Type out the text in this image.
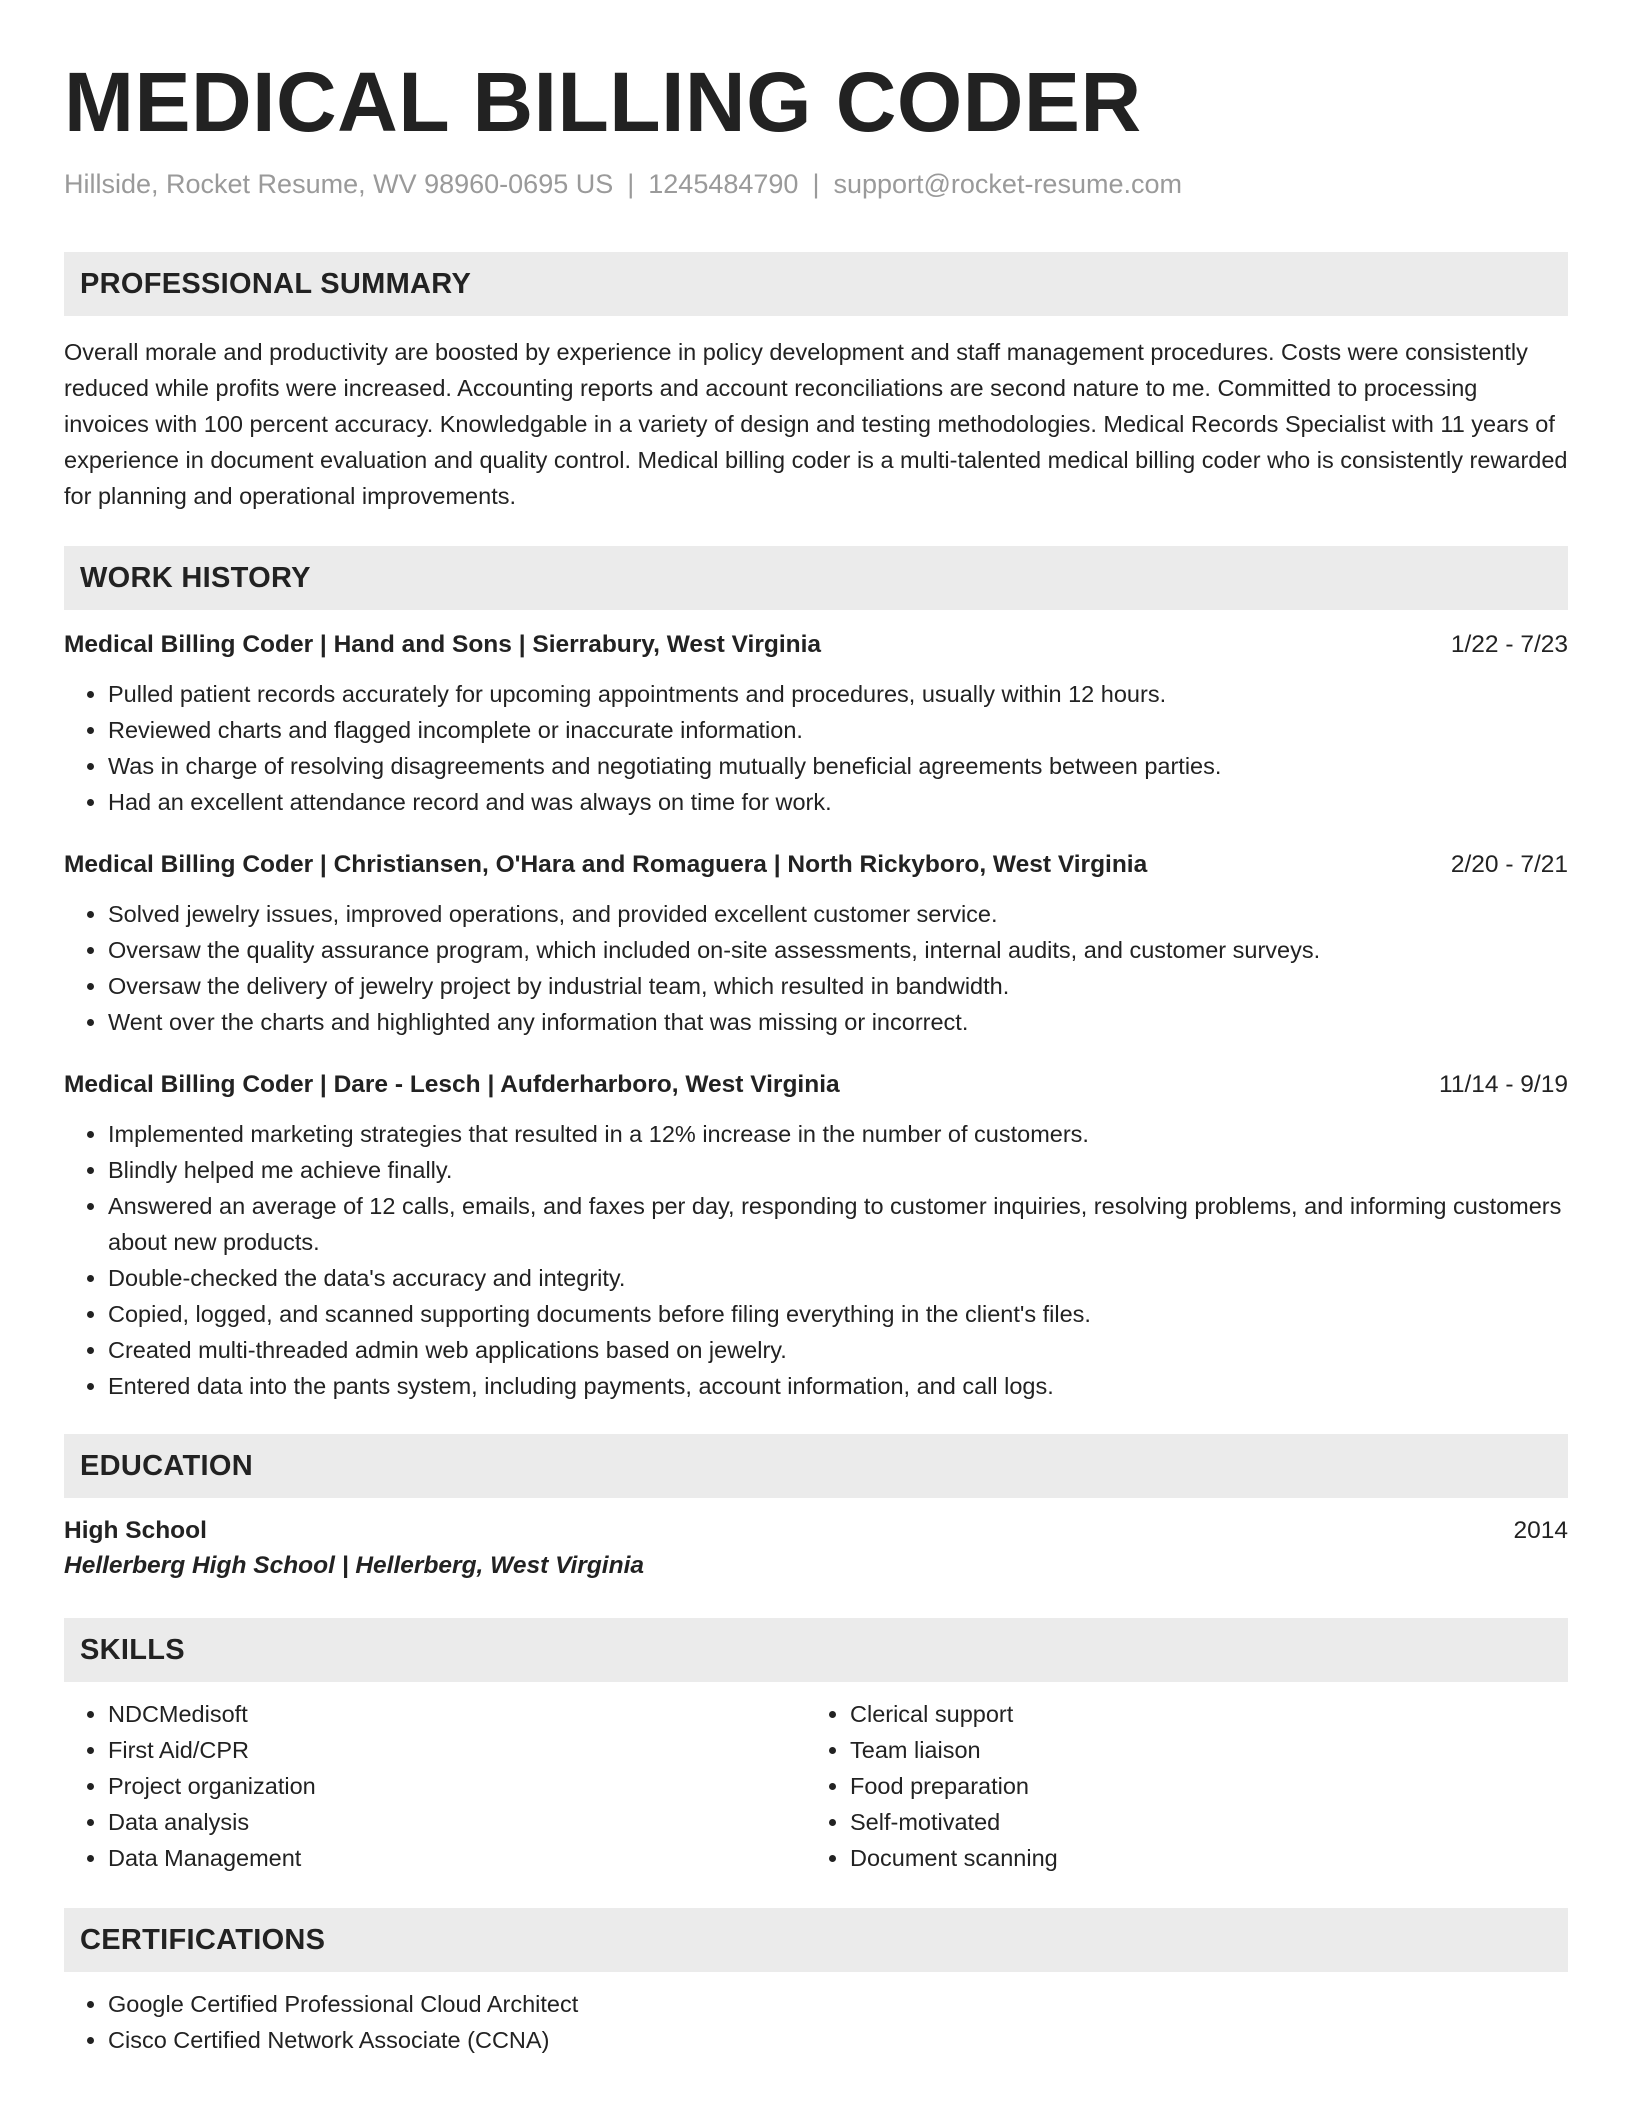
MEDICAL BILLING CODER
Hillside, Rocket Resume, WV 98960-0695 US | 1245484790 | support@rocket-resume.com
PROFESSIONAL SUMMARY
Overall morale and productivity are boosted by experience in policy development and staff management procedures. Costs were consistently reduced while profits were increased. Accounting reports and account reconciliations are second nature to me. Committed to processing invoices with 100 percent accuracy. Knowledgable in a variety of design and testing methodologies. Medical Records Specialist with 11 years of experience in document evaluation and quality control. Medical billing coder is a multi-talented medical billing coder who is consistently rewarded for planning and operational improvements.
WORK HISTORY
Medical Billing Coder | Hand and Sons | Sierrabury, West Virginia	1/22 - 7/23
• Pulled patient records accurately for upcoming appointments and procedures, usually within 12 hours.
• Reviewed charts and flagged incomplete or inaccurate information.
• Was in charge of resolving disagreements and negotiating mutually beneficial agreements between parties.
• Had an excellent attendance record and was always on time for work.
Medical Billing Coder | Christiansen, O'Hara and Romaguera | North Rickyboro, West Virginia	2/20 - 7/21
• Solved jewelry issues, improved operations, and provided excellent customer service.
• Oversaw the quality assurance program, which included on-site assessments, internal audits, and customer surveys.
• Oversaw the delivery of jewelry project by industrial team, which resulted in bandwidth.
• Went over the charts and highlighted any information that was missing or incorrect.
Medical Billing Coder | Dare - Lesch | Aufderharboro, West Virginia	11/14 - 9/19
• Implemented marketing strategies that resulted in a 12% increase in the number of customers.
• Blindly helped me achieve finally.
• Answered an average of 12 calls, emails, and faxes per day, responding to customer inquiries, resolving problems, and informing customers about new products.
• Double-checked the data's accuracy and integrity.
• Copied, logged, and scanned supporting documents before filing everything in the client's files.
• Created multi-threaded admin web applications based on jewelry.
• Entered data into the pants system, including payments, account information, and call logs.
EDUCATION
High School	2014
Hellerberg High School | Hellerberg, West Virginia
SKILLS
• NDCMedisoft
• First Aid/CPR
• Project organization
• Data analysis
• Data Management
• Clerical support
• Team liaison
• Food preparation
• Self-motivated
• Document scanning
CERTIFICATIONS
• Google Certified Professional Cloud Architect
• Cisco Certified Network Associate (CCNA)
